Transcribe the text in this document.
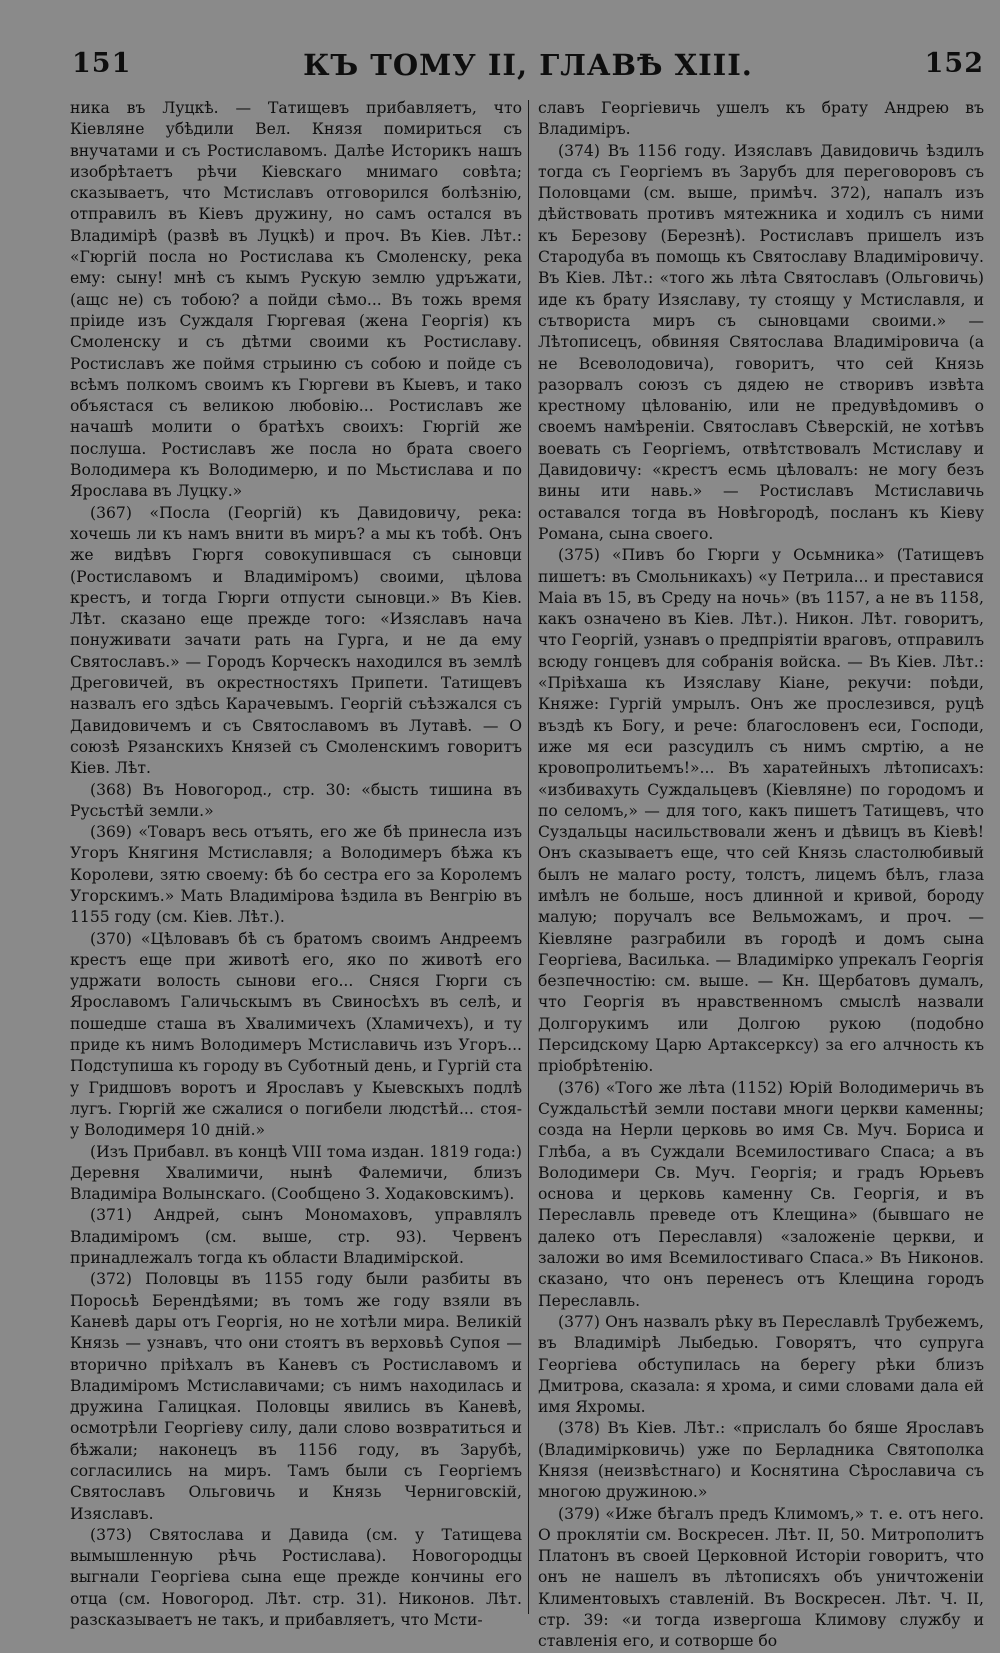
151	КЪ ТОМУ II, ГЛАВѢ XIII.	152

ника въ Луцкѣ. — Татищевъ прибавляетъ, что Кіевляне убѣдили Вел. Князя помириться съ внучатами и съ Ростиславомъ. Далѣе Историкъ нашъ изобрѣтаетъ рѣчи Кіевскаго мнимаго совѣта; сказываетъ, что Мстиславъ отговорился болѣзнію, отправилъ въ Кіевъ дружину, но самъ остался въ Владимірѣ (развѣ въ Луцкѣ) и проч. Въ Кіев. Лѣт.: «Гюргій посла но Ростислава къ Смоленску, река ему: сыну! мнѣ съ кымъ Рускую землю удръжати, (ащс не) съ тобою? а пойди сѣмо... Въ тожь время пріиде изъ Суждаля Гюргевая (жена Георгія) къ Смоленску и съ дѣтми своими къ Ростиславу. Ростиславъ же поймя стрыиню съ собою и пойде съ всѣмъ полкомъ своимъ къ Гюргеви въ Кыевъ, и тако объястася съ великою любовію... Ростиславъ же начашѣ молити о братѣхъ своихъ: Гюргій же послуша. Ростиславъ же посла но брата своего Володимера къ Володимерю, и по Мьстислава и по Ярослава въ Луцку.»

(367) «Посла (Георгій) къ Давидовичу, река: хочешь ли къ намъ внити въ миръ? а мы къ тобѣ. Онъ же видѣвъ Гюргя совокупившася съ сыновци (Ростиславомъ и Владиміромъ) своими, цѣлова крестъ, и тогда Гюрги отпусти сыновци.» Въ Кіев. Лѣт. сказано еще прежде того: «Изяславъ нача понуживати зачати рать на Гурга, и не да ему Святославъ.» — Городъ Корческъ находился въ землѣ Дреговичей, въ окрестностяхъ Припети. Татищевъ назвалъ его здѣсь Карачевымъ. Георгій съѣзжался съ Давидовичемъ и съ Святославомъ въ Лутавѣ. — О союзѣ Рязанскихъ Князей съ Смоленскимъ говоритъ Кіев. Лѣт.

(368) Въ Новогород., стр. 30: «бысть тишина въ Русьстѣй земли.»

(369) «Товаръ весь отъять, его же бѣ принесла изъ Угоръ Княгиня Мстиславля; а Володимеръ бѣжа къ Королеви, зятю своему: бѣ бо сестра его за Королемъ Угорскимъ.» Мать Владимірова ѣздила въ Венгрію въ 1155 году (см. Кіев. Лѣт.).

(370) «Цѣловавъ бѣ съ братомъ своимъ Андреемъ крестъ еще при животѣ его, яко по животѣ его удржати волость сынови его... Сняся Гюрги съ Ярославомъ Галичьскымъ въ Свиносѣхъ въ селѣ, и пошедше сташа въ Хвалимичехъ (Хламичехъ), и ту приде къ нимъ Володимеръ Мстиславичь изъ Угоръ... Подступиша къ городу въ Суботный день, и Гургій ста у Гридшовъ воротъ и Ярославъ у Кыевскыхъ подлѣ лугъ. Гюргій же сжалися о погибели людстѣй... стоя- у Володимеря 10 днiй.»

(Изъ Прибавл. въ концѣ VIII тома издан. 1819 года:) Деревня Хвалимичи, нынѣ Фалемичи, близъ Владиміра Волынскаго. (Сообщено З. Ходаковскимъ).

(371) Андрей, сынъ Мономаховъ, управлялъ Владиміромъ (см. выше, стр. 93). Червенъ принадлежалъ тогда къ области Владимірской.

(372) Половцы въ 1155 году были разбиты въ Поросьѣ Берендѣями; въ томъ же году взяли въ Каневѣ дары отъ Георгія, но не хотѣли мира. Великій Князь — узнавъ, что они стоятъ въ верховьѣ Супоя — вторично пріѣхалъ въ Каневъ съ Ростиславомъ и Владиміромъ Мстиславичами; съ нимъ находилась и дружина Галицкая. Половцы явились въ Каневѣ, осмотрѣли Георгіеву силу, дали слово возвратиться и бѣжали; наконецъ въ 1156 году, въ Зарубѣ, согласились на миръ. Тамъ были съ Георгіемъ Святославъ Ольговичь и Князь Черниговскій, Изяславъ.

(373) Святослава и Давида (см. у Татищева вымышленную рѣчь Ростислава). Новогородцы выгнали Георгіева сына еще прежде кончины его отца (см. Новогород. Лѣт. стр. 31). Никонов. Лѣт. разсказываетъ не такъ, и прибавляетъ, что Мсти-

славъ Георгіевичь ушелъ къ брату Андрею въ Владиміръ.

(374) Въ 1156 году. Изяславъ Давидовичь ѣздилъ тогда съ Георгіемъ въ Зарубъ для переговоровъ съ Половцами (см. выше, примѣч. 372), напалъ изъ дѣйствовать противъ мятежника и ходилъ съ ними къ Березову (Березнѣ). Ростиславъ пришелъ изъ Стародуба въ помощь къ Святославу Владиміровичу. Въ Кіев. Лѣт.: «того жь лѣта Святославъ (Ольговичь) иде къ брату Изяславу, ту стоящу у Мстиславля, и сътвориста миръ съ сыновцами своими.» — Лѣтописецъ, обвиняя Святослава Владиміровича (а не Всеволодовича), говоритъ, что сей Князь разорвалъ союзъ съ дядею не створивъ извѣта крестному цѣлованію, или не предувѣдомивъ о своемъ намѣреніи. Святославъ Сѣверскій, не хотѣвъ воевать съ Георгіемъ, отвѣтствовалъ Мстиславу и Давидовичу: «крестъ есмь цѣловалъ: не могу безъ вины ити навь.» — Ростиславъ Мстиславичь оставался тогда въ Новѣгородѣ, посланъ къ Кіеву Романа, сына своего.

(375) «Пивъ бо Гюрги у Осьмника» (Татищевъ пишетъ: въ Смольникахъ) «у Петрила... и преставися Маіа въ 15, въ Среду на ночь» (въ 1157, а не въ 1158, какъ означено въ Кіев. Лѣт.). Никон. Лѣт. говоритъ, что Георгій, узнавъ о предпріятіи враговъ, отправилъ всюду гонцевъ для собранія войска. — Въ Кіев. Лѣт.: «Прiѣхаша къ Изяславу Кіане, рекучи: поѣди, Княже: Гургій умрылъ. Онъ же прослезився, руцѣ въздѣ къ Богу, и рече: благословенъ еси, Господи, иже мя еси разсудилъ съ нимъ смртію, а не кровопролитьемъ!»... Въ харатейныхъ лѣтописахъ: «избивахуть Суждальцевъ (Кіевляне) по городомъ и по селомъ,» — для того, какъ пишетъ Татищевъ, что Суздальцы насильствовали женъ и дѣвицъ въ Кіевѣ! Онъ сказываетъ еще, что сей Князь сластолюбивый былъ не малаго росту, толстъ, лицемъ бѣлъ, глаза имѣлъ не больше, носъ длинной и кривой, бороду малую; поручалъ все Вельможамъ, и проч. — Кіевляне разграбили въ городѣ и домъ сына Георгіева, Василька. — Владимірко упрекалъ Георгія безпечностію: см. выше. — Кн. Щербатовъ думалъ, что Георгія въ нравственномъ смыслѣ назвали Долгорукимъ или Долгою рукою (подобно Персидскому Царю Артаксерксу) за его алчность къ пріобрѣтенію.

(376) «Того же лѣта (1152) Юрій Володимеричь въ Суждальстѣй земли постави многи церкви каменны; созда на Нерли церковь во имя Св. Муч. Бориса и Глѣба, а въ Суждали Всемилостиваго Спаса; а въ Володимери Св. Муч. Георгія; и градъ Юрьевъ основа и церковь каменну Св. Георгія, и въ Переславль преведе отъ Клещина» (бывшаго не далеко отъ Переславля) «заложеніе церкви, и заложи во имя Всемилостиваго Спаса.» Въ Никонов. сказано, что онъ перенесъ отъ Клещина городъ Переславль.

(377) Онъ назвалъ рѣку въ Переславлѣ Трубежемъ, въ Владимірѣ Лыбедью. Говорятъ, что супруга Георгіева обступилась на берегу рѣки близъ Дмитрова, сказала: я хрома, и сими словами дала ей имя Яхромы.

(378) Въ Кіев. Лѣт.: «прислалъ бо бяше Ярославъ (Владимірковичь) уже по Берладника Святополка Князя (неизвѣстнаго) и Коснятина Сѣрославича съ многою дружиною.»

(379) «Иже бѣгалъ предъ Климомъ,» т. е. отъ него. О проклятіи см. Воскресен. Лѣт. II, 50. Митрополитъ Платонъ въ своей Церковной Исторіи говоритъ, что онъ не нашелъ въ лѣтописяхъ объ уничтоженіи Климентовыхъ ставленій. Въ Воскресен. Лѣт. Ч. II, стр. 39: «и тогда извергоша Климову службу и ставленія его, и сотворше бо
